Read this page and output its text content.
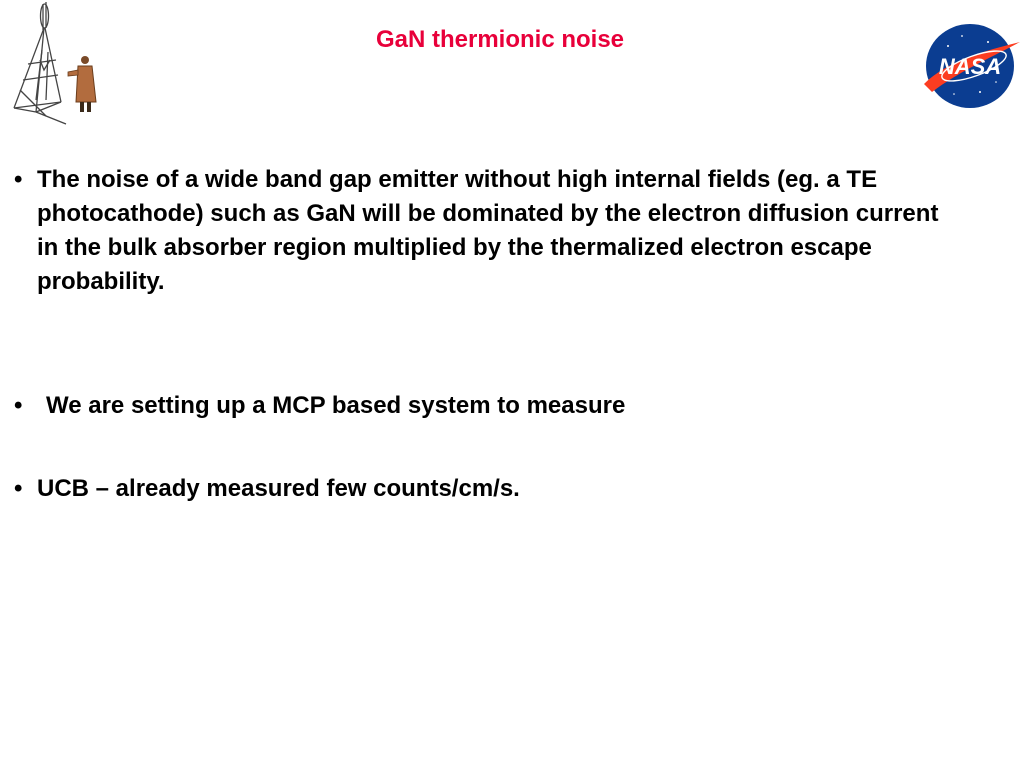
GaN thermionic noise
NASA
• The noise of a wide band gap emitter without high internal fields (eg. a TE photocathode) such as GaN will be dominated by the electron diffusion current in the bulk absorber region multiplied by the thermalized electron escape probability.
• We are setting up a MCP based system to measure
• UCB – already measured few counts/cm/s.
